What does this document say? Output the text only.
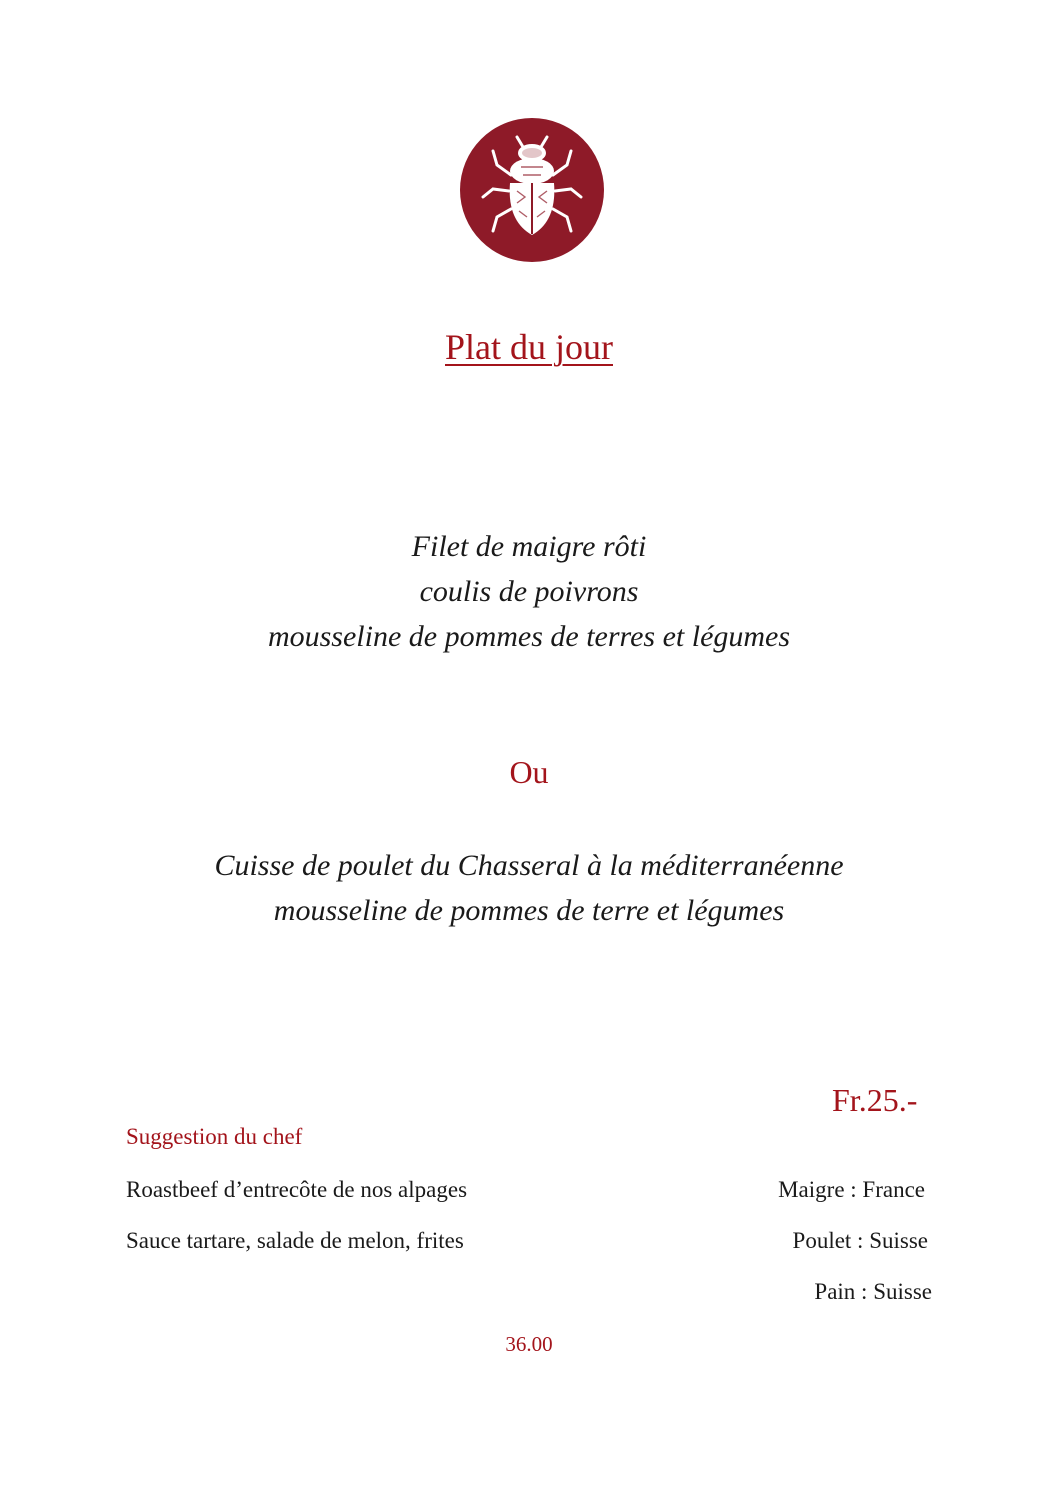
Plat du jour
Filet de maigre rôti
coulis de poivrons
mousseline de pommes de terres et légumes
Ou
Cuisse de poulet du Chasseral à la méditerranéenne
mousseline de pommes de terre et légumes
Fr.25.-
Suggestion du chef
Roastbeef d’entrecôte de nos alpages
Sauce tartare, salade de melon, frites
Maigre : France
Poulet : Suisse
Pain : Suisse
36.00
